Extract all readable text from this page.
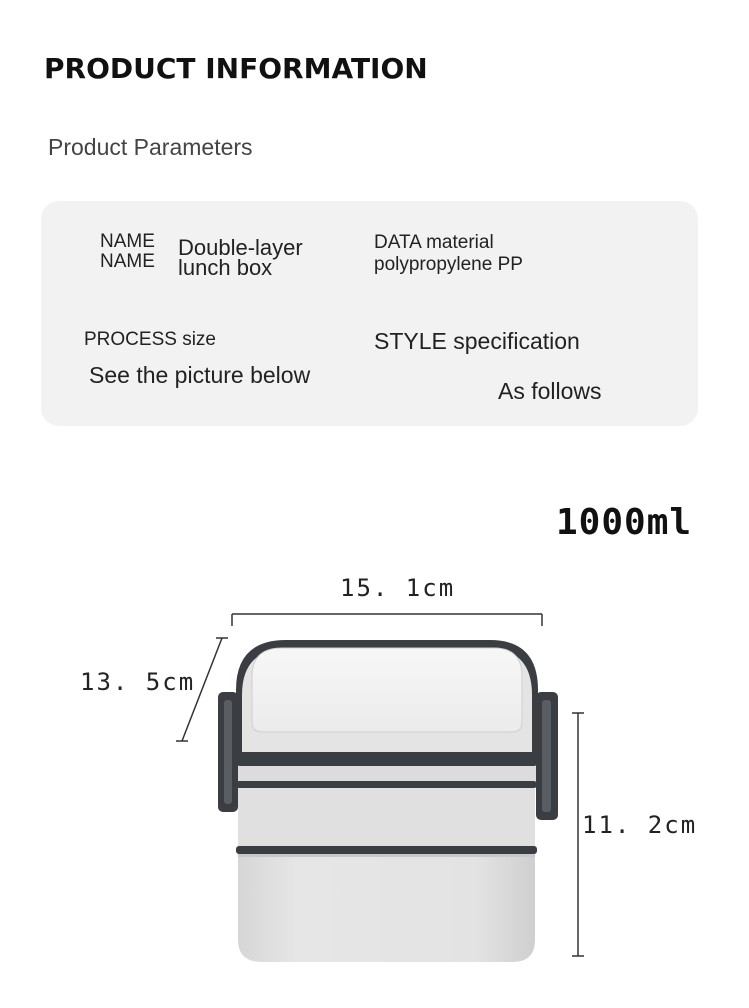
PRODUCT INFORMATION
Product Parameters
NAME
NAME
Double-layer
lunch box
DATA material
polypropylene PP
PROCESS size
See the picture below
STYLE specification
As follows
1000ml
15. 1cm
13. 5cm
11. 2cm
